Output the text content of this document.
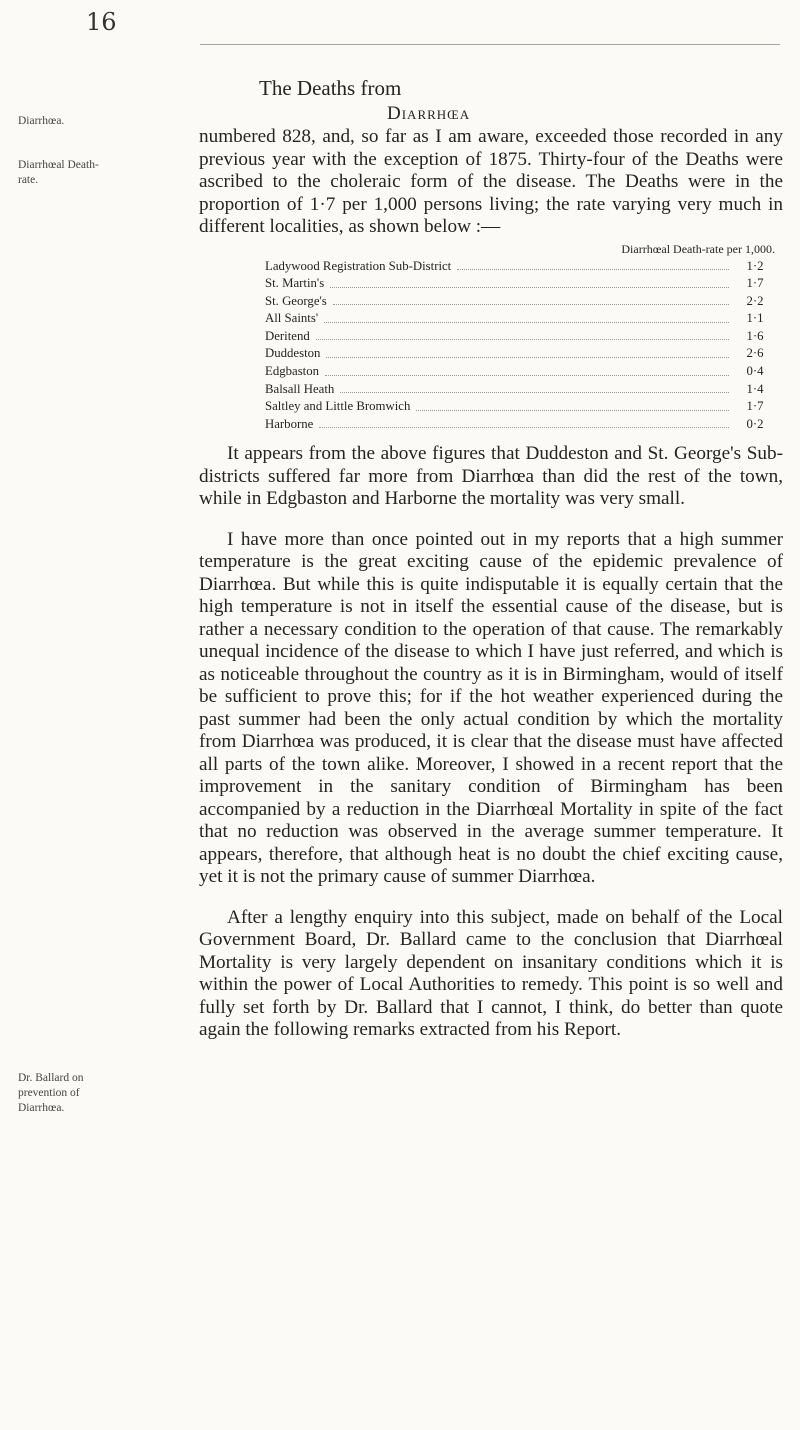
16
Diarrhœa.
Diarrhœal Death-rate.
Dr. Ballard on prevention of Diarrhœa.
The Deaths from
Diarrhœa

numbered 828, and, so far as I am aware, exceeded those recorded in any previous year with the exception of 1875. Thirty-four of the Deaths were ascribed to the choleraic form of the disease. The Deaths were in the proportion of 1·7 per 1,000 persons living; the rate varying very much in different localities, as shown below :—

Diarrhœal Death-rate per 1,000.
Ladywood Registration Sub-District	1·2
St. Martin's	1·7
St. George's	2·2
All Saints'	1·1
Deritend	1·6
Duddeston	2·6
Edgbaston	0·4
Balsall Heath	1·4
Saltley and Little Bromwich	1·7
Harborne	0·2

It appears from the above figures that Duddeston and St. George's Sub-districts suffered far more from Diarrhœa than did the rest of the town, while in Edgbaston and Harborne the mortality was very small.

I have more than once pointed out in my reports that a high summer temperature is the great exciting cause of the epidemic prevalence of Diarrhœa. But while this is quite indisputable it is equally certain that the high temperature is not in itself the essential cause of the disease, but is rather a necessary condition to the operation of that cause. The remarkably unequal incidence of the disease to which I have just referred, and which is as noticeable throughout the country as it is in Birmingham, would of itself be sufficient to prove this; for if the hot weather experienced during the past summer had been the only actual condition by which the mortality from Diarrhœa was produced, it is clear that the disease must have affected all parts of the town alike. Moreover, I showed in a recent report that the improvement in the sanitary condition of Birmingham has been accompanied by a reduction in the Diarrhœal Mortality in spite of the fact that no reduction was observed in the average summer temperature. It appears, therefore, that although heat is no doubt the chief exciting cause, yet it is not the primary cause of summer Diarrhœa.

After a lengthy enquiry into this subject, made on behalf of the Local Government Board, Dr. Ballard came to the conclusion that Diarrhœal Mortality is very largely dependent on insanitary conditions which it is within the power of Local Authorities to remedy. This point is so well and fully set forth by Dr. Ballard that I cannot, I think, do better than quote again the following remarks extracted from his Report.
